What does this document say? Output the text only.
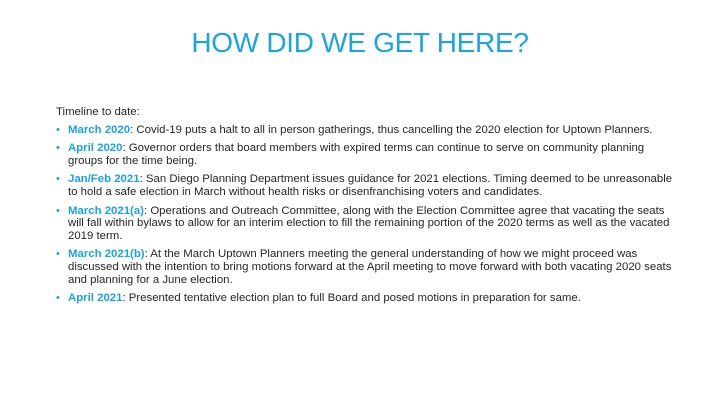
HOW DID WE GET HERE?

Timeline to date:

• March 2020: Covid-19 puts a halt to all in person gatherings, thus cancelling the 2020 election for Uptown Planners.
• April 2020: Governor orders that board members with expired terms can continue to serve on community planning groups for the time being.
• Jan/Feb 2021: San Diego Planning Department issues guidance for 2021 elections. Timing deemed to be unreasonable to hold a safe election in March without health risks or disenfranchising voters and candidates.
• March 2021(a): Operations and Outreach Committee, along with the Election Committee agree that vacating the seats will fall within bylaws to allow for an interim election to fill the remaining portion of the 2020 terms as well as the vacated 2019 term.
• March 2021(b): At the March Uptown Planners meeting the general understanding of how we might proceed was discussed with the intention to bring motions forward at the April meeting to move forward with both vacating 2020 seats and planning for a June election.
• April 2021: Presented tentative election plan to full Board and posed motions in preparation for same.
